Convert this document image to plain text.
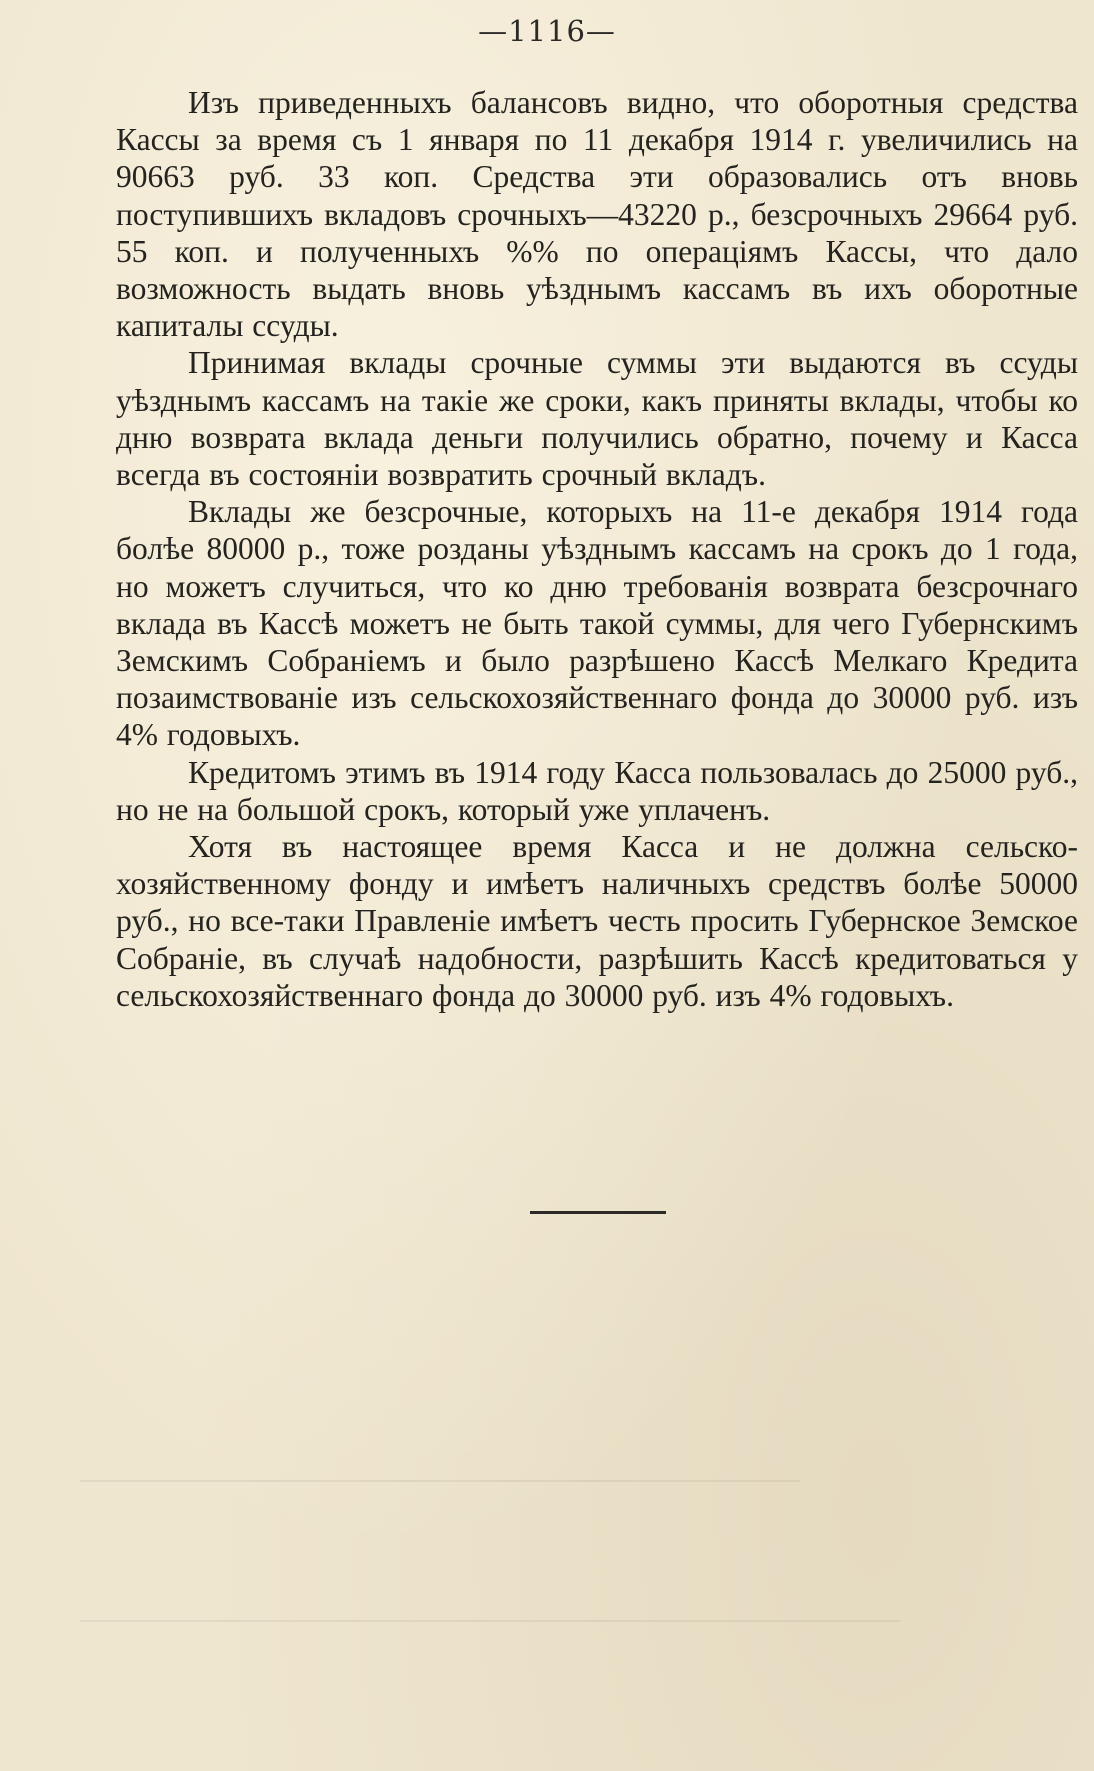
—1116—

Изъ приведенныхъ балансовъ видно, что оборотныя средства Кассы за время съ 1 января по 11 декабря 1914 г. увеличились на 90663 руб. 33 коп. Средства эти образовались отъ вновь поступившихъ вкладовъ срочныхъ—43220 р., безсрочныхъ 29664 руб. 55 коп. и полученныхъ %% по операціямъ Кассы, что дало возможность выдать вновь уѣзднымъ кассамъ въ ихъ оборотные капиталы ссуды.

Принимая вклады срочные суммы эти выдаются въ ссуды уѣзднымъ кассамъ на такіе же сроки, какъ приняты вклады, чтобы ко дню возврата вклада деньги получились обратно, почему и Касса всегда въ состояніи возвратить срочный вкладъ.

Вклады же безсрочные, которыхъ на 11-е декабря 1914 года болѣе 80000 р., тоже розданы уѣзднымъ кассамъ на срокъ до 1 года, но можетъ случиться, что ко дню требованія возврата безсрочнаго вклада въ Кассѣ можетъ не быть такой суммы, для чего Губернскимъ Земскимъ Собраніемъ и было разрѣшено Кассѣ Мелкаго Кредита позаимствованіе изъ сельскохозяйственнаго фонда до 30000 руб. изъ 4% годовыхъ.

Кредитомъ этимъ въ 1914 году Касса пользовалась до 25000 руб., но не на большой срокъ, который уже уплаченъ.

Хотя въ настоящее время Касса и не должна сельскохозяйственному фонду и имѣетъ наличныхъ средствъ болѣе 50000 руб., но все-таки Правленіе имѣетъ честь просить Губернское Земское Собраніе, въ случаѣ надобности, разрѣшить Кассѣ кредитоваться у сельскохозяйственнаго фонда до 30000 руб. изъ 4% годовыхъ.
